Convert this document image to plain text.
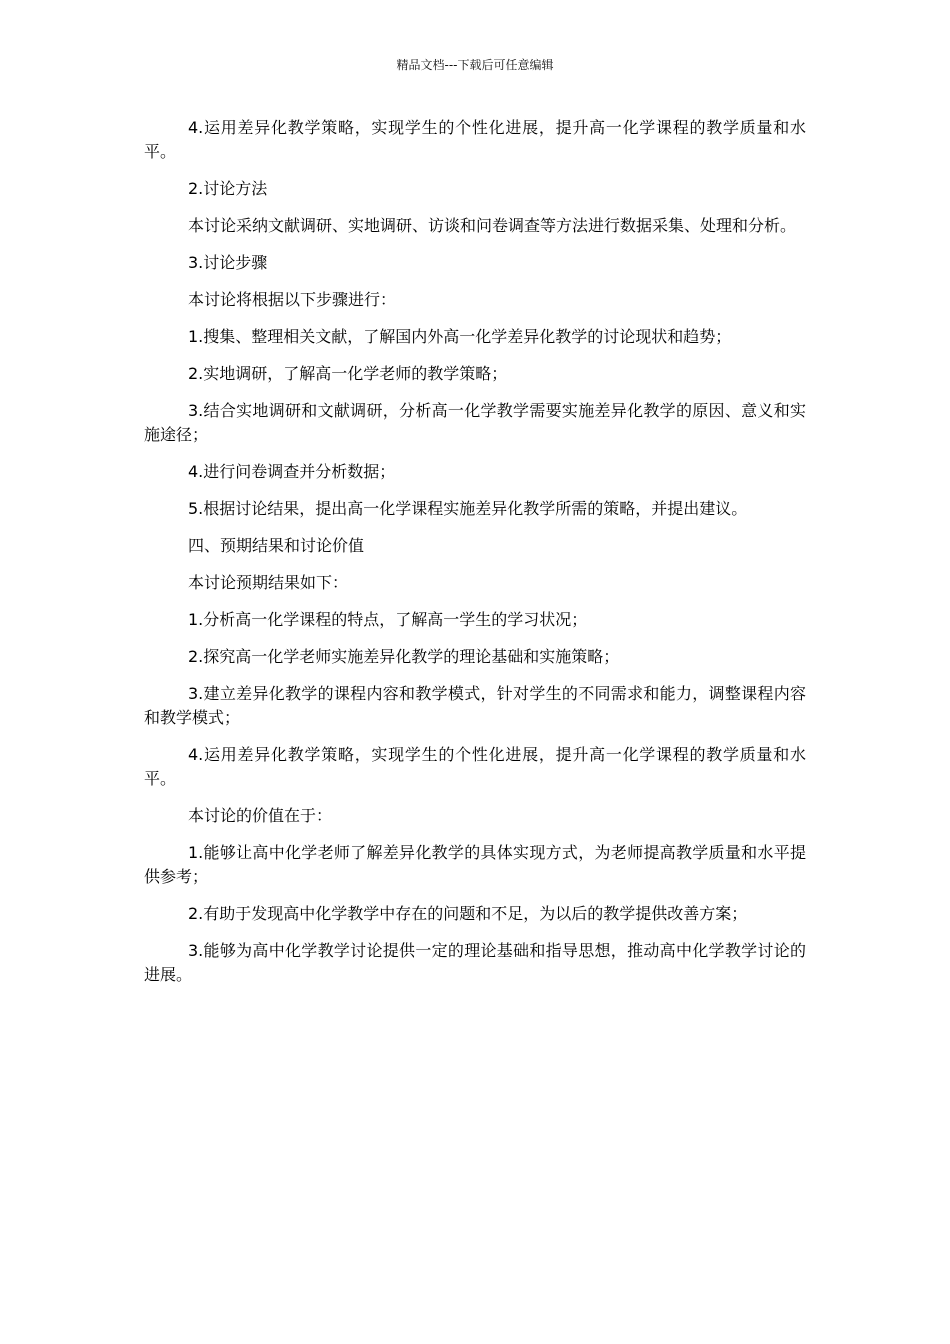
精品文档---下载后可任意编辑

4.运用差异化教学策略，实现学生的个性化进展，提升高一化学课程的教学质量和水平。

2.讨论方法

本讨论采纳文献调研、实地调研、访谈和问卷调查等方法进行数据采集、处理和分析。

3.讨论步骤

本讨论将根据以下步骤进行：

1.搜集、整理相关文献，了解国内外高一化学差异化教学的讨论现状和趋势；

2.实地调研，了解高一化学老师的教学策略；

3.结合实地调研和文献调研，分析高一化学教学需要实施差异化教学的原因、意义和实施途径；

4.进行问卷调查并分析数据；

5.根据讨论结果，提出高一化学课程实施差异化教学所需的策略，并提出建议。

四、预期结果和讨论价值

本讨论预期结果如下：

1.分析高一化学课程的特点，了解高一学生的学习状况；

2.探究高一化学老师实施差异化教学的理论基础和实施策略；

3.建立差异化教学的课程内容和教学模式，针对学生的不同需求和能力，调整课程内容和教学模式；

4.运用差异化教学策略，实现学生的个性化进展，提升高一化学课程的教学质量和水平。

本讨论的价值在于：

1.能够让高中化学老师了解差异化教学的具体实现方式，为老师提高教学质量和水平提供参考；

2.有助于发现高中化学教学中存在的问题和不足，为以后的教学提供改善方案；

3.能够为高中化学教学讨论提供一定的理论基础和指导思想，推动高中化学教学讨论的进展。
